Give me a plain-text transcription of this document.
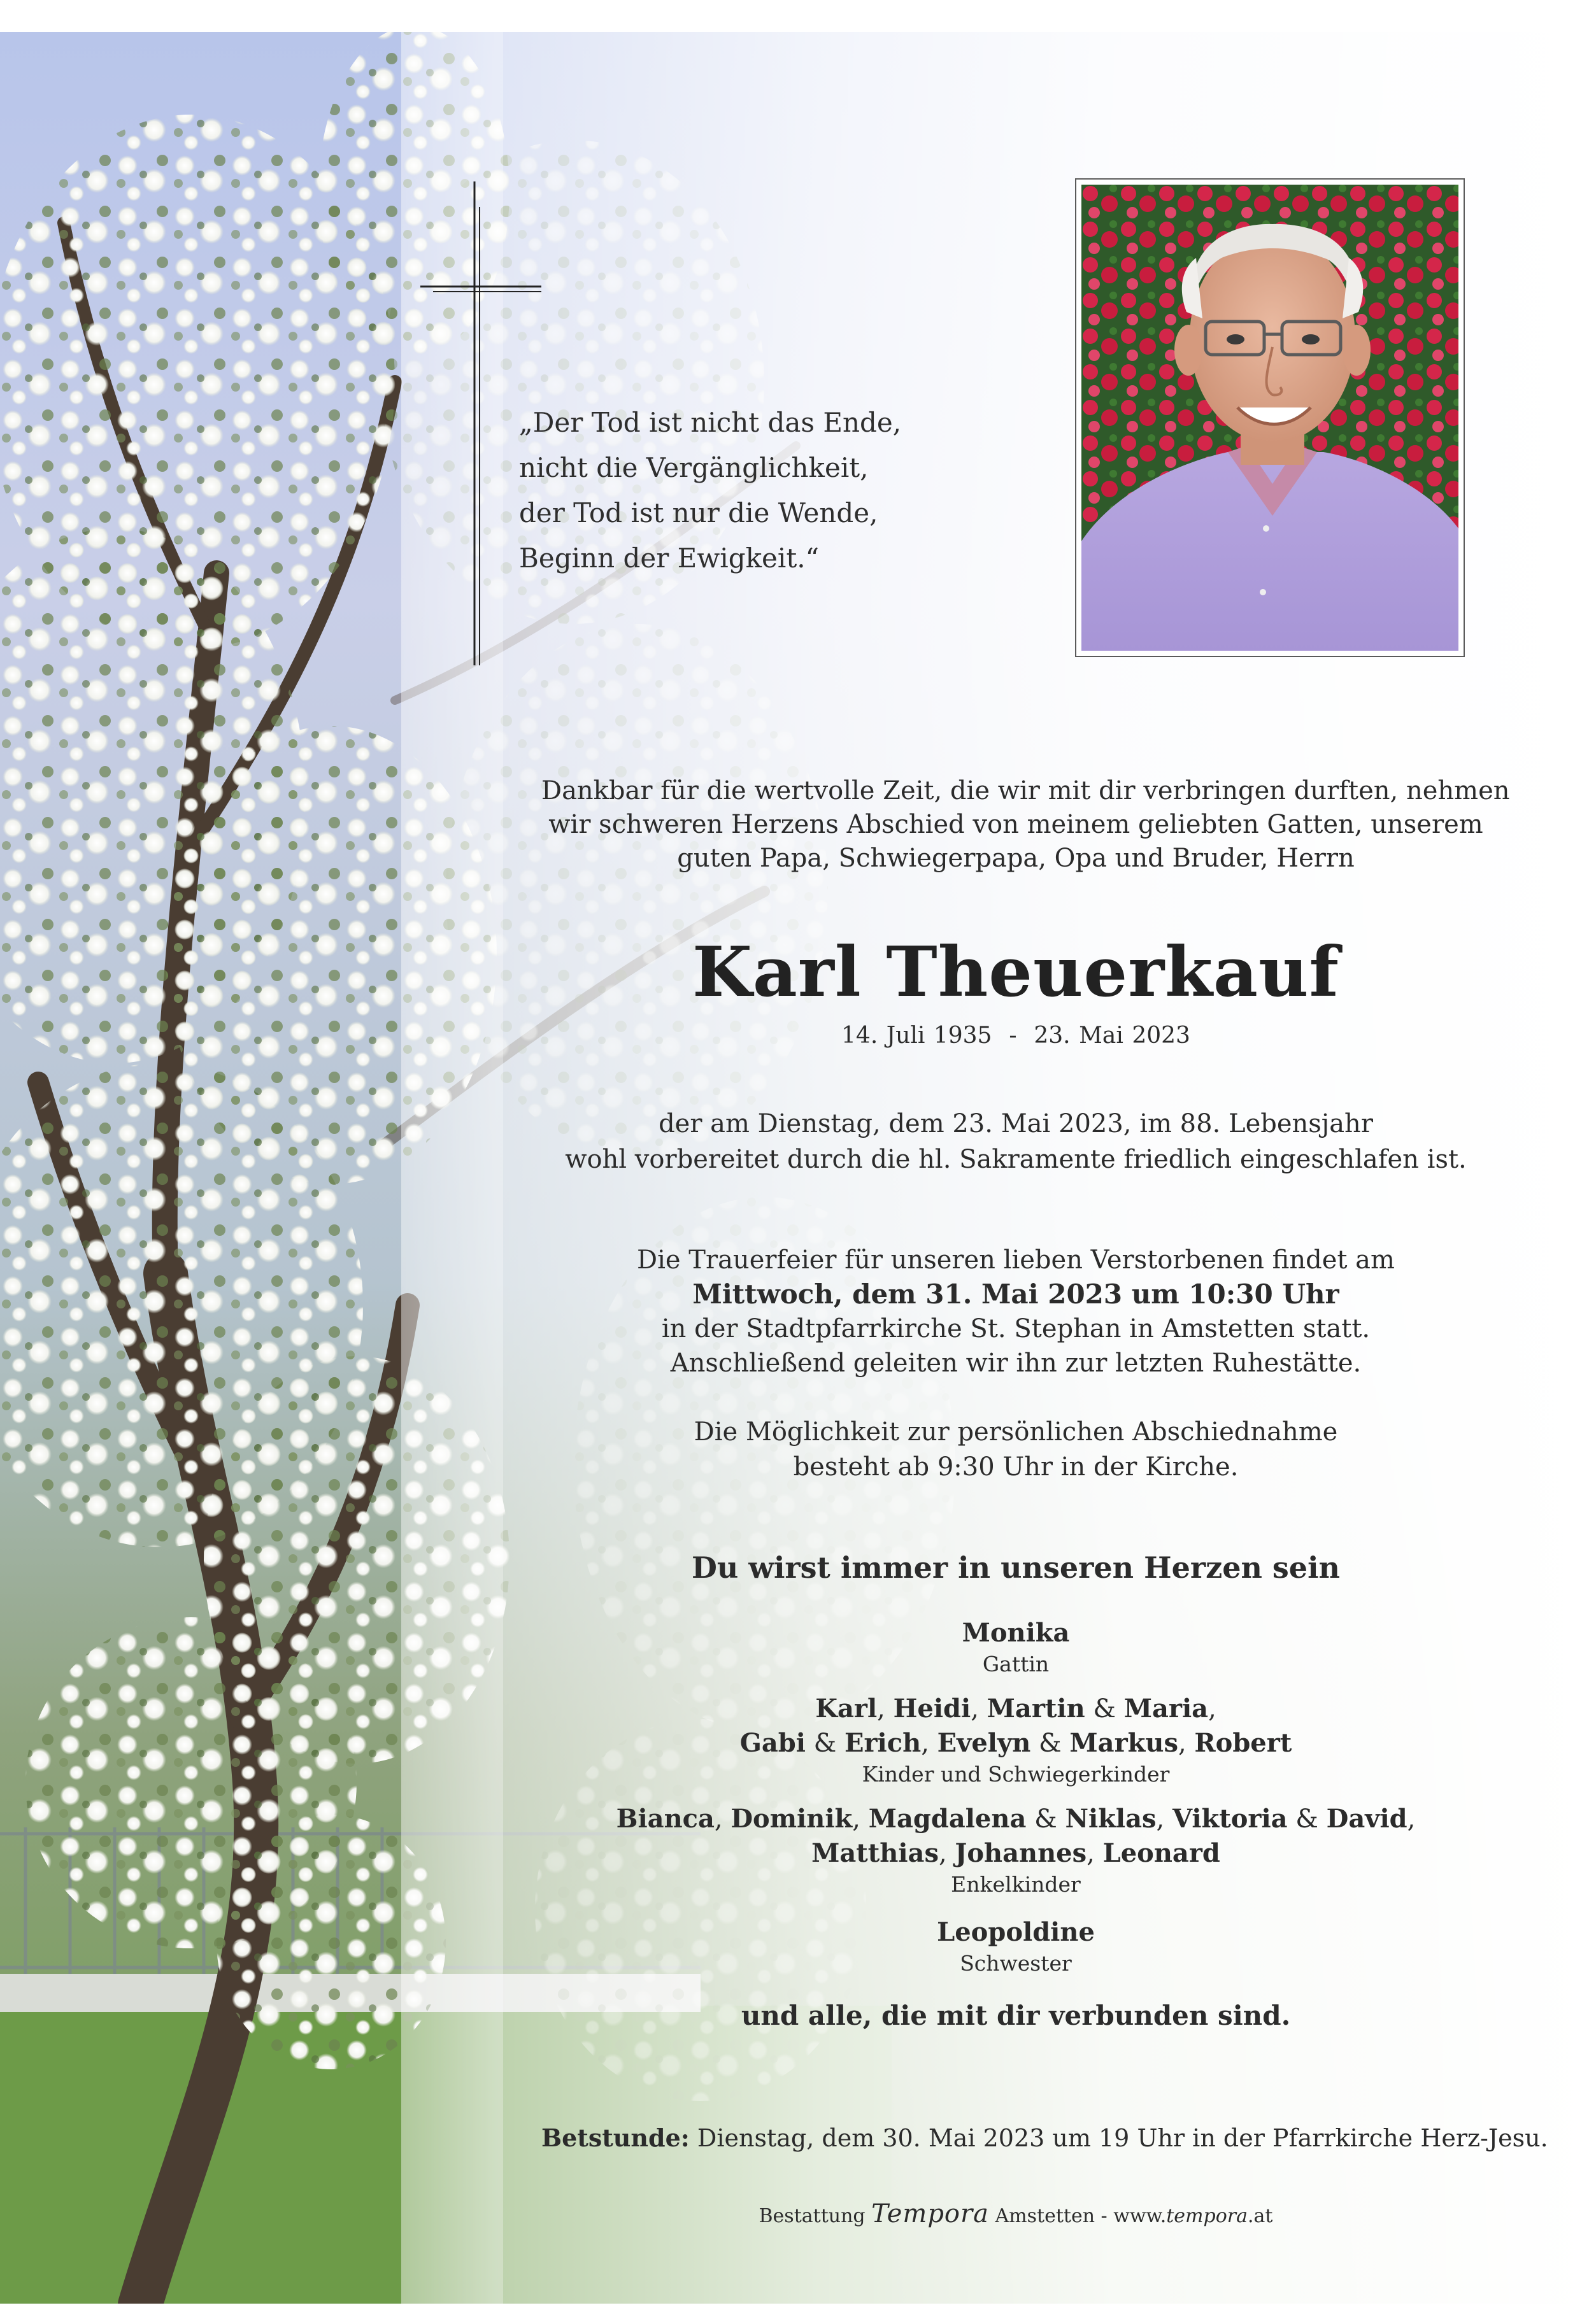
„Der Tod ist nicht das Ende,
nicht die Vergänglichkeit,
der Tod ist nur die Wende,
Beginn der Ewigkeit.“
Dankbar für die wertvolle Zeit, die wir mit dir verbringen durften, nehmen
wir schweren Herzens Abschied von meinem geliebten Gatten, unserem
guten Papa, Schwiegerpapa, Opa und Bruder, Herrn
Karl Theuerkauf
14. Juli 1935  -  23. Mai 2023
der am Dienstag, dem 23. Mai 2023, im 88. Lebensjahr
wohl vorbereitet durch die hl. Sakramente friedlich eingeschlafen ist.
Die Trauerfeier für unseren lieben Verstorbenen findet am
Mittwoch, dem 31. Mai 2023 um 10:30 Uhr
in der Stadtpfarrkirche St. Stephan in Amstetten statt.
Anschließend geleiten wir ihn zur letzten Ruhestätte.
Die Möglichkeit zur persönlichen Abschiednahme
besteht ab 9:30 Uhr in der Kirche.
Du wirst immer in unseren Herzen sein
Monika
Gattin
Karl, Heidi, Martin & Maria,
Gabi & Erich, Evelyn & Markus, Robert
Kinder und Schwiegerkinder
Bianca, Dominik, Magdalena & Niklas, Viktoria & David,
Matthias, Johannes, Leonard
Enkelkinder
Leopoldine
Schwester
und alle, die mit dir verbunden sind.
Betstunde: Dienstag, dem 30. Mai 2023 um 19 Uhr in der Pfarrkirche Herz-Jesu.
Bestattung Tempora Amstetten - www.tempora.at
